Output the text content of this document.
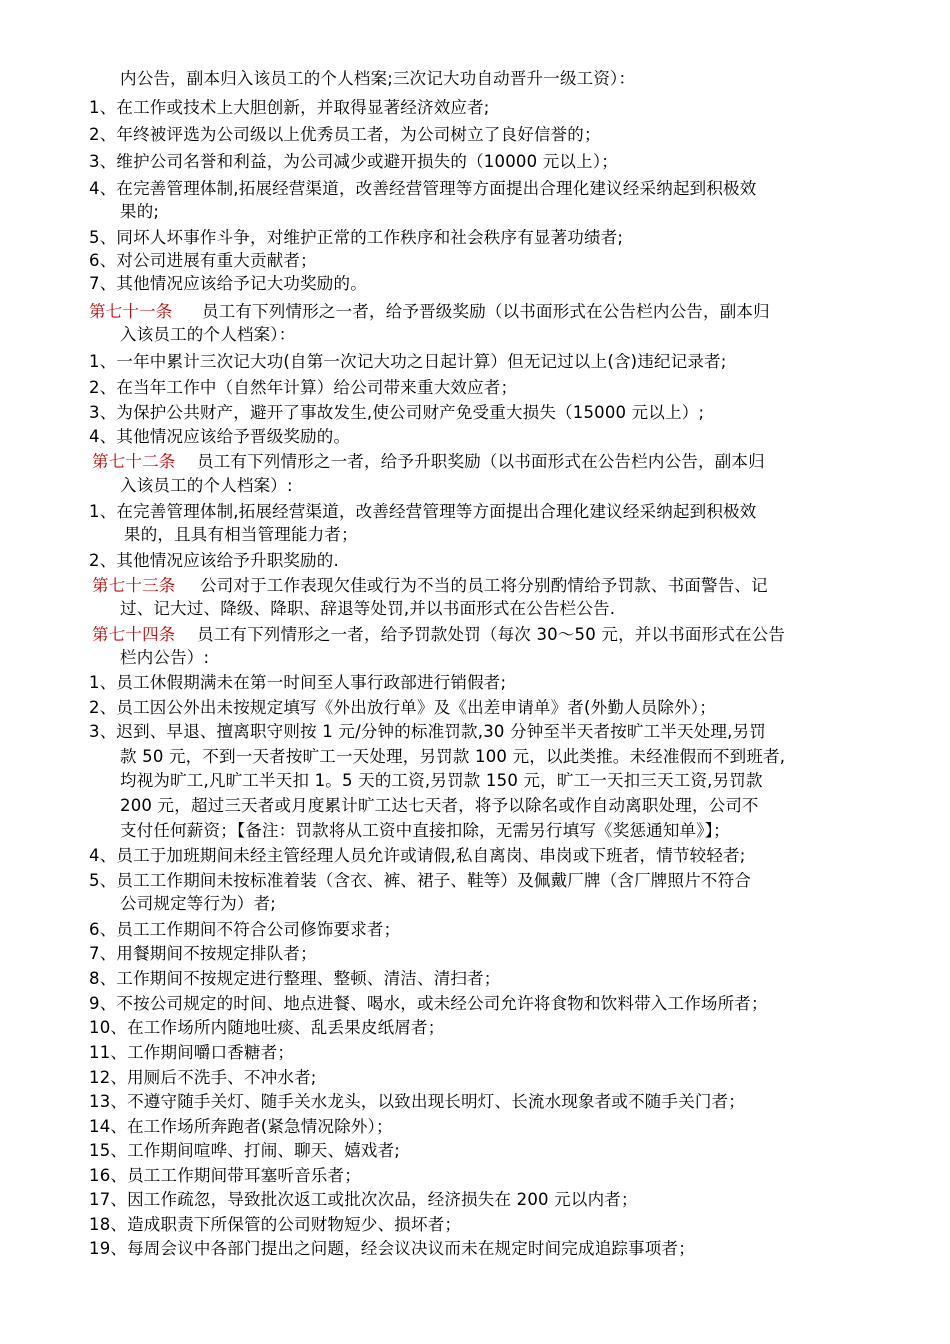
内公告，副本归入该员工的个人档案;三次记大功自动晋升一级工资）：
1、在工作或技术上大胆创新，并取得显著经济效应者;
2、年终被评选为公司级以上优秀员工者，为公司树立了良好信誉的；
3、维护公司名誉和利益，为公司减少或避开损失的（10000 元以上）；
4、在完善管理体制,拓展经营渠道，改善经营管理等方面提出合理化建议经采纳起到积极效
果的;
5、同坏人坏事作斗争，对维护正常的工作秩序和社会秩序有显著功绩者;
6、对公司进展有重大贡献者；
7、其他情况应该给予记大功奖励的。
第七十一条 员工有下列情形之一者，给予晋级奖励（以书面形式在公告栏内公告，副本归
入该员工的个人档案）：
1、一年中累计三次记大功(自第一次记大功之日起计算）但无记过以上(含)违纪记录者;
2、在当年工作中（自然年计算）给公司带来重大效应者；
3、为保护公共财产，避开了事故发生,使公司财产免受重大损失（15000 元以上）;
4、其他情况应该给予晋级奖励的。
第七十二条 员工有下列情形之一者，给予升职奖励（以书面形式在公告栏内公告，副本归
入该员工的个人档案）:
1、在完善管理体制,拓展经营渠道，改善经营管理等方面提出合理化建议经采纳起到积极效
果的，且具有相当管理能力者；
2、其他情况应该给予升职奖励的.
第七十三条 公司对于工作表现欠佳或行为不当的员工将分别酌情给予罚款、书面警告、记
过、记大过、降级、降职、辞退等处罚,并以书面形式在公告栏公告.
第七十四条 员工有下列情形之一者，给予罚款处罚（每次 30～50 元，并以书面形式在公告
栏内公告）:
1、员工休假期满未在第一时间至人事行政部进行销假者;
2、员工因公外出未按规定填写《外出放行单》及《出差申请单》者(外勤人员除外）；
3、迟到、早退、擅离职守则按 1 元/分钟的标准罚款,30 分钟至半天者按旷工半天处理,另罚
款 50 元，不到一天者按旷工一天处理，另罚款 100 元，以此类推。未经准假而不到班者,
均视为旷工,凡旷工半天扣 1。5 天的工资,另罚款 150 元，旷工一天扣三天工资,另罚款
200 元，超过三天者或月度累计旷工达七天者，将予以除名或作自动离职处理，公司不
支付任何薪资；【备注：罚款将从工资中直接扣除，无需另行填写《奖惩通知单》】；
4、员工于加班期间未经主管经理人员允许或请假,私自离岗、串岗或下班者，情节较轻者;
5、员工工作期间未按标准着装（含衣、裤、裙子、鞋等）及佩戴厂牌（含厂牌照片不符合
公司规定等行为）者;
6、员工工作期间不符合公司修饰要求者；
7、用餐期间不按规定排队者；
8、工作期间不按规定进行整理、整顿、清洁、清扫者；
9、不按公司规定的时间、地点进餐、喝水，或未经公司允许将食物和饮料带入工作场所者；
10、在工作场所内随地吐痰、乱丢果皮纸屑者；
11、工作期间嚼口香糖者；
12、用厕后不洗手、不冲水者;
13、不遵守随手关灯、随手关水龙头，以致出现长明灯、长流水现象者或不随手关门者；
14、在工作场所奔跑者(紧急情况除外）；
15、工作期间喧哗、打闹、聊天、嬉戏者;
16、员工工作期间带耳塞听音乐者；
17、因工作疏忽，导致批次返工或批次次品，经济损失在 200 元以内者；
18、造成职责下所保管的公司财物短少、损坏者；
19、每周会议中各部门提出之问题，经会议决议而未在规定时间完成追踪事项者；
